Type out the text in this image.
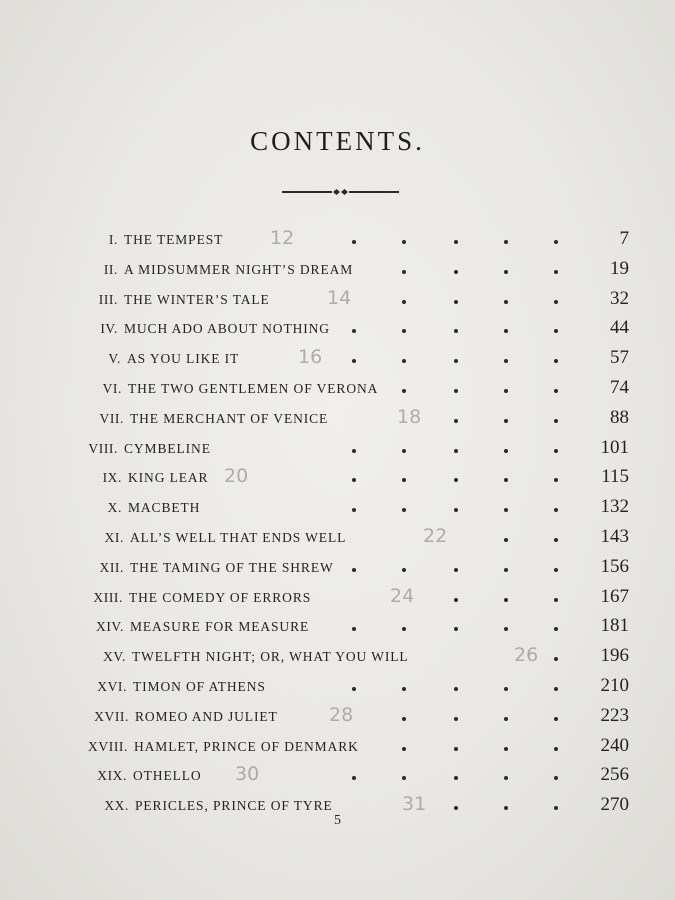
CONTENTS.
I. THE TEMPEST	7
12
II. A MIDSUMMER NIGHT’S DREAM	19
III. THE WINTER’S TALE	32
14
IV. MUCH ADO ABOUT NOTHING	44
V. AS YOU LIKE IT	57
16
VI. THE TWO GENTLEMEN OF VERONA	74
VII. THE MERCHANT OF VENICE	88
18
VIII. CYMBELINE	101
IX. KING LEAR	115
20
X. MACBETH	132
XI. ALL’S WELL THAT ENDS WELL	143
22
XII. THE TAMING OF THE SHREW	156
XIII. THE COMEDY OF ERRORS	167
24
XIV. MEASURE FOR MEASURE	181
XV. TWELFTH NIGHT; OR, WHAT YOU WILL	196
26
XVI. TIMON OF ATHENS	210
XVII. ROMEO AND JULIET	223
28
XVIII. HAMLET, PRINCE OF DENMARK	240
XIX. OTHELLO	256
30
XX. PERICLES, PRINCE OF TYRE	270
31
5
